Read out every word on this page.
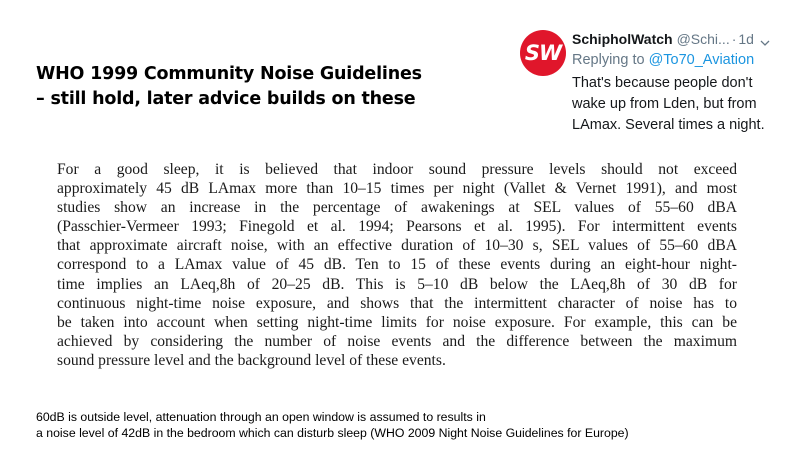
WHO 1999 Community Noise Guidelines
– still hold, later advice builds on these
SW
SchipholWatch @Schi... · 1d
Replying to @To70_Aviation
That's because people don't
wake up from Lden, but from
LAmax. Several times a night.
For a good sleep, it is believed that indoor sound pressure levels should not exceed
approximately 45 dB LAmax more than 10–15 times per night (Vallet & Vernet 1991), and most
studies show an increase in the percentage of awakenings at SEL values of 55–60 dBA
(Passchier-Vermeer 1993; Finegold et al. 1994; Pearsons et al. 1995). For intermittent events
that approximate aircraft noise, with an effective duration of 10–30 s, SEL values of 55–60 dBA
correspond to a LAmax value of 45 dB. Ten to 15 of these events during an eight-hour night-
time implies an LAeq,8h of 20–25 dB. This is 5–10 dB below the LAeq,8h of 30 dB for
continuous night-time noise exposure, and shows that the intermittent character of noise has to
be taken into account when setting night-time limits for noise exposure. For example, this can be
achieved by considering the number of noise events and the difference between the maximum
sound pressure level and the background level of these events.
60dB is outside level, attenuation through an open window is assumed to results in
a noise level of 42dB in the bedroom which can disturb sleep (WHO 2009 Night Noise Guidelines for Europe)
